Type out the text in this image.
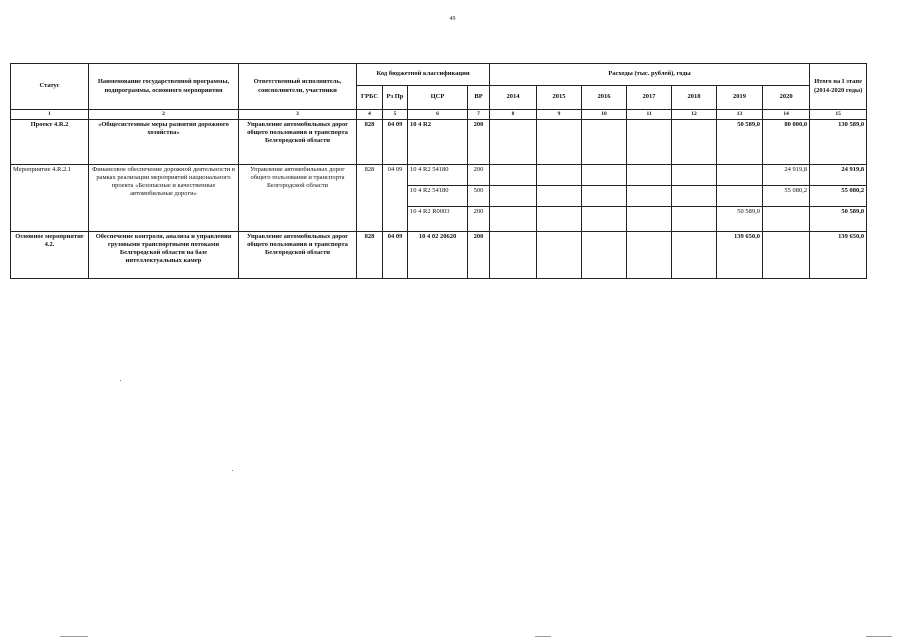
49
Статус	Наименование государственной программы, подпрограммы, основного мероприятия	Ответственный исполнитель, соисполнители, участники	Код бюджетной классификации				Расходы (тыс. рублей), годы							Итого на I этапе (2014-2020 годы)
			ГРБС	Рз Пр	ЦСР	ВР	2014	2015	2016	2017	2018	2019	2020	
1	2	3	4	5	6	7	8	9	10	11	12	13	14	15
Проект 4.R.2	«Общесистемные меры развития дорожного хозяйства»	Управление автомобильных дорог общего пользования и транспорта Белгородской области	828	04 09	10 4 R2	200						50 589,0	80 000,0	130 589,0
Мероприятие 4.R.2.1	Финансовое обеспечение дорожной деятельности в рамках реализации мероприятий национального проекта «Безопасные и качественные автомобильные дороги»	Управление автомобильных дорог общего пользования и транспорта Белгородской области	828	04 09	10 4 R2 54180	200							24 919,8	24 919,8
					10 4 R2 54180	500							55 080,2	55 080,2
					10 4 R2 R0003	200						50 589,0		50 589,0
Основное мероприятие 4.2.	Обеспечение контроля, анализа и управления грузовыми транспортными потоками Белгородской области на базе интеллектуальных камер	Управление автомобильных дорог общего пользования и транспорта Белгородской области	828	04 09	10 4 02 20620	200						139 650,0		139 650,0
